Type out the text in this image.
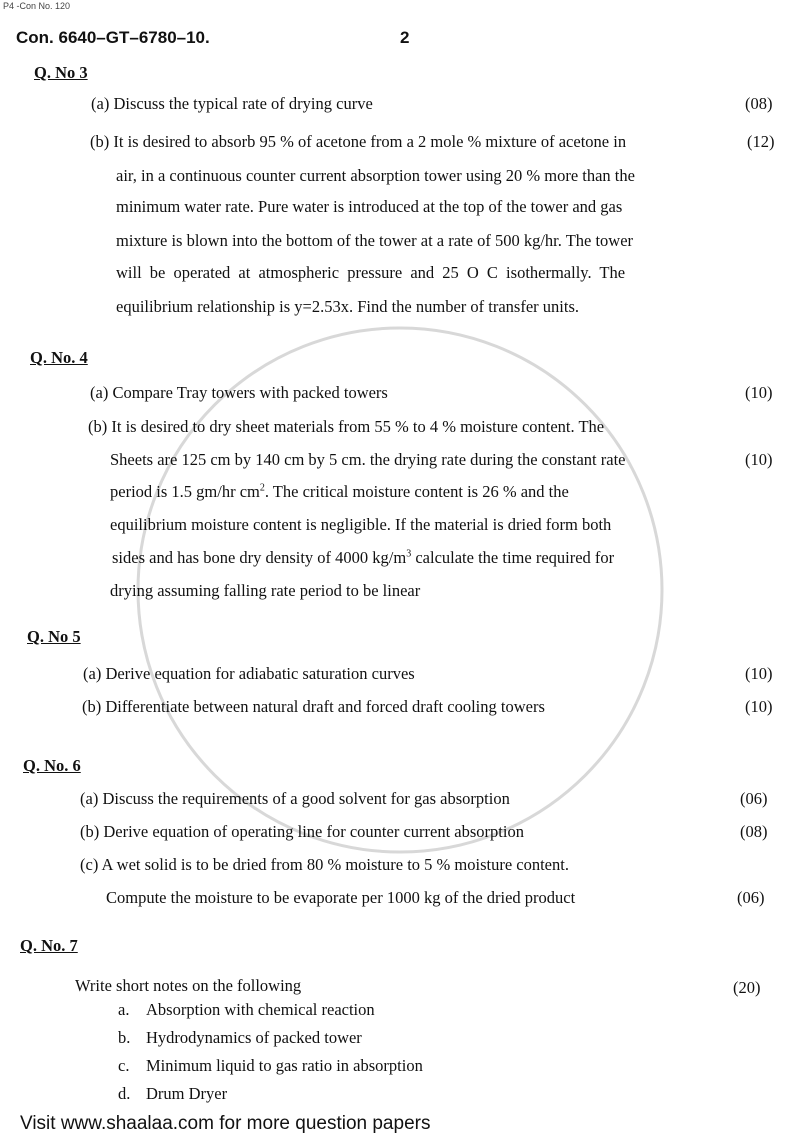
P4 -Con No. 120
Con. 6640–GT–6780–10.	2
Q. No 3
(a) Discuss the typical rate of drying curve	(08)
(b) It is desired to absorb 95 % of acetone from a 2 mole % mixture of acetone in	(12)
air, in a continuous counter current absorption tower using 20 % more than the
minimum water rate. Pure water is introduced at the top of the tower and gas
mixture is blown into the bottom of the tower at a rate of 500 kg/hr. The tower
will be operated at atmospheric pressure and 25 O C isothermally. The
equilibrium relationship is y=2.53x. Find the number of transfer units.
Q. No. 4
(a) Compare Tray towers with packed towers	(10)
(b) It is desired to dry sheet materials from 55 % to 4 % moisture content. The
Sheets are 125 cm by 140 cm by 5 cm. the drying rate during the constant rate	(10)
period is 1.5 gm/hr $cm^2$. The critical moisture content is 26 % and the
equilibrium moisture content is negligible. If the material is dried form both
sides and has bone dry density of 4000 $kg/m^3$ calculate the time required for
drying assuming falling rate period to be linear
Q. No 5
(a) Derive equation for adiabatic saturation curves	(10)
(b) Differentiate between natural draft and forced draft cooling towers	(10)
Q. No. 6
(a) Discuss the requirements of a good solvent for gas absorption	(06)
(b) Derive equation of operating line for counter current absorption	(08)
(c) A wet solid is to be dried from 80 % moisture to 5 % moisture content.
Compute the moisture to be evaporate per 1000 kg of the dried product	(06)
Q. No. 7
Write short notes on the following	(20)
a. Absorption with chemical reaction
b. Hydrodynamics of packed tower
c. Minimum liquid to gas ratio in absorption
d. Drum Dryer
Visit www.shaalaa.com for more question papers
